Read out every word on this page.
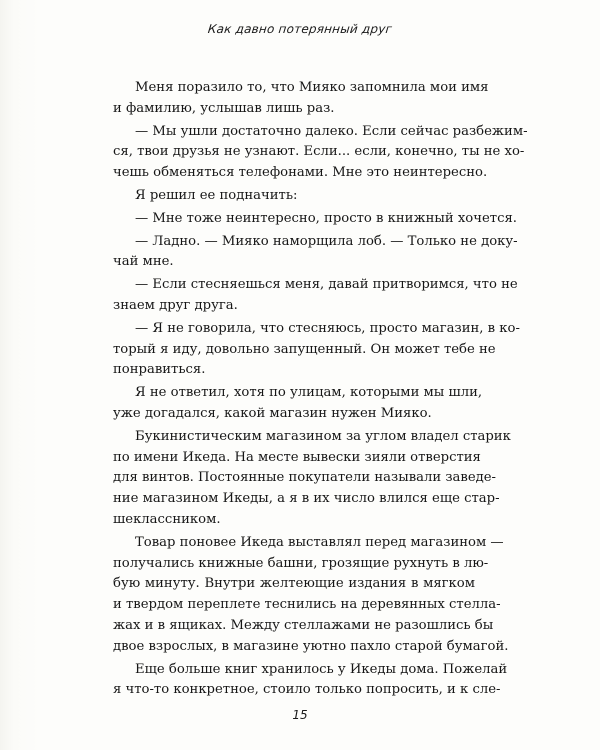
Как давно потерянный друг
Меня поразило то, что Мияко запомнила мои имя
и фамилию, услышав лишь раз.
— Мы ушли достаточно далеко. Если сейчас разбежим-
ся, твои друзья не узнают. Если... если, конечно, ты не хо-
чешь обменяться телефонами. Мне это неинтересно.
Я решил ее подначить:
— Мне тоже неинтересно, просто в книжный хочется.
— Ладно. — Мияко наморщила лоб. — Только не доку-
чай мне.
— Если стесняешься меня, давай притворимся, что не
знаем друг друга.
— Я не говорила, что стесняюсь, просто магазин, в ко-
торый я иду, довольно запущенный. Он может тебе не
понравиться.
Я не ответил, хотя по улицам, которыми мы шли,
уже догадался, какой магазин нужен Мияко.
Букинистическим магазином за углом владел старик
по имени Икеда. На месте вывески зияли отверстия
для винтов. Постоянные покупатели называли заведе-
ние магазином Икеды, а я в их число влился еще стар-
шеклассником.
Товар поновее Икеда выставлял перед магазином —
получались книжные башни, грозящие рухнуть в лю-
бую минуту. Внутри желтеющие издания в мягком
и твердом переплете теснились на деревянных стелла-
жах и в ящиках. Между стеллажами не разошлись бы
двое взрослых, в магазине уютно пахло старой бумагой.
Еще больше книг хранилось у Икеды дома. Пожелай
я что-то конкретное, стоило только попросить, и к сле-
15
